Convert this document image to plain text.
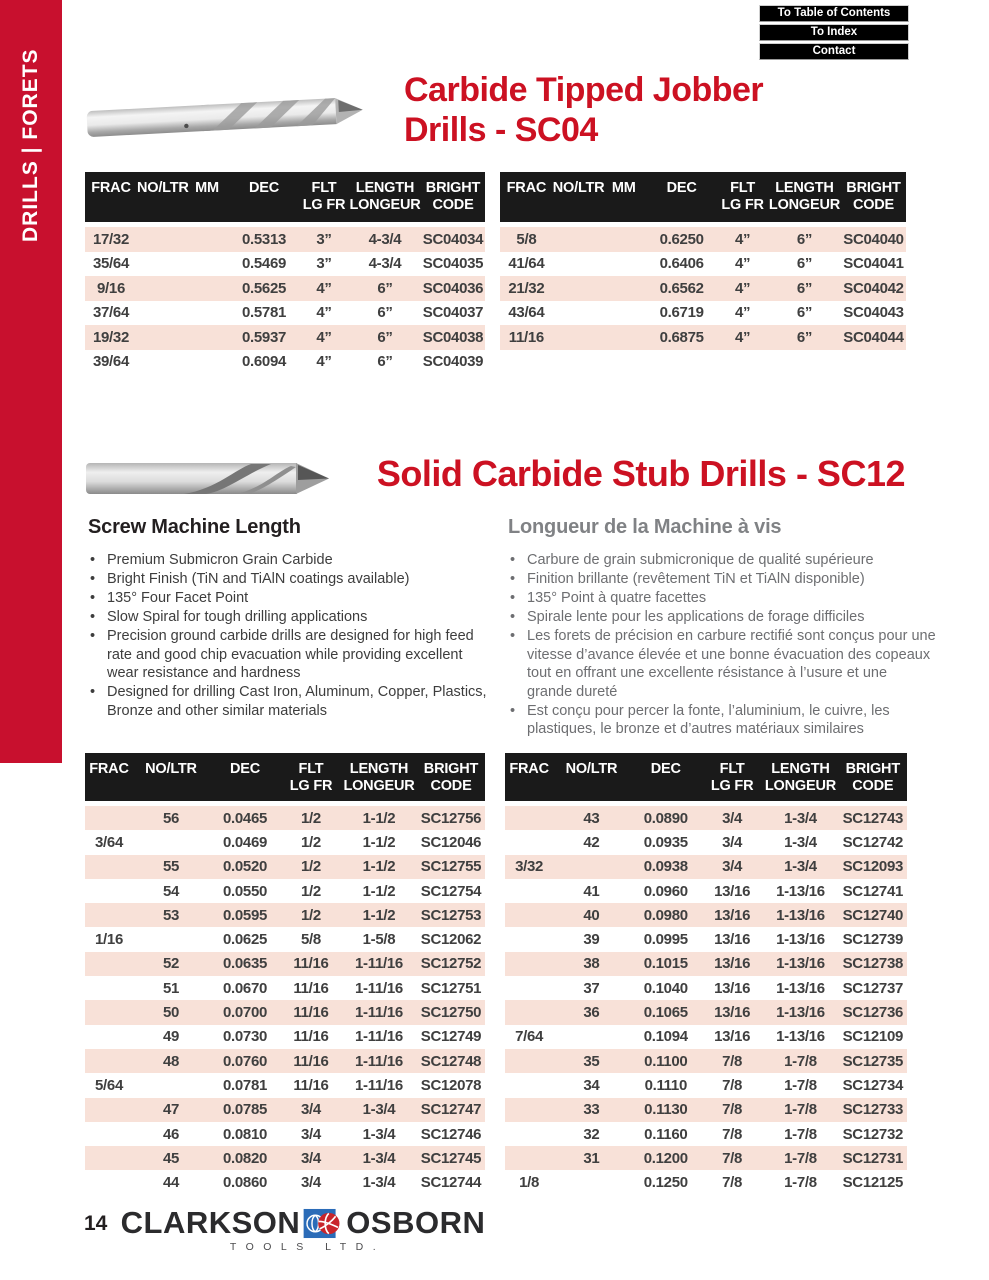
DRILLS | FORETS
To Table of Contents
To Index
Contact
Carbide Tipped Jobber
Drills - SC04
FRAC NO/LTR MM	DEC	FLT
LG FR
LENGTH
LONGEUR
BRIGHT
CODE
17/32	0.5313	3”	4-3/4	SC04034
35/64	0.5469	3”	4-3/4	SC04035
9/16	0.5625	4”	6”	SC04036
37/64	0.5781	4”	6”	SC04037
19/32	0.5937	4”	6”	SC04038
39/64	0.6094	4”	6”	SC04039
FRAC NO/LTR MM	DEC	FLT
LG FR
LENGTH
LONGEUR
BRIGHT
CODE
5/8	0.6250	4”	6”	SC04040
41/64	0.6406	4”	6”	SC04041
21/32	0.6562	4”	6”	SC04042
43/64	0.6719	4”	6”	SC04043
11/16	0.6875	4”	6”	SC04044
Solid Carbide Stub Drills - SC12
Screw Machine Length
• Premium Submicron Grain Carbide
• Bright Finish (TiN and TiAlN coatings available)
• 135° Four Facet Point
• Slow Spiral for tough drilling applications
• Precision ground carbide drills are designed for high feed rate and good chip evacuation while providing excellent wear resistance and hardness
• Designed for drilling Cast Iron, Aluminum, Copper, Plastics, Bronze and other similar materials
Longueur de la Machine à vis
• Carbure de grain submicronique de qualité supérieure
• Finition brillante (revêtement TiN et TiAlN disponible)
• 135° Point à quatre facettes
• Spirale lente pour les applications de forage difficiles
• Les forets de précision en carbure rectifié sont conçus pour une vitesse d’avance élevée et une bonne évacuation des copeaux tout en offrant une excellente résistance à l’usure et une grande dureté
• Est conçu pour percer la fonte, l’aluminium, le cuivre, les plastiques, le bronze et d’autres matériaux similaires
FRAC	NO/LTR	DEC	FLT
LG FR
LENGTH
LONGEUR
BRIGHT
CODE
56	0.0465	1/2	1-1/2	SC12756
3/64	0.0469	1/2	1-1/2	SC12046
55	0.0520	1/2	1-1/2	SC12755
54	0.0550	1/2	1-1/2	SC12754
53	0.0595	1/2	1-1/2	SC12753
1/16	0.0625	5/8	1-5/8	SC12062
52	0.0635	11/16	1-11/16	SC12752
51	0.0670	11/16	1-11/16	SC12751
50	0.0700	11/16	1-11/16	SC12750
49	0.0730	11/16	1-11/16	SC12749
48	0.0760	11/16	1-11/16	SC12748
5/64	0.0781	11/16	1-11/16	SC12078
47	0.0785	3/4	1-3/4	SC12747
46	0.0810	3/4	1-3/4	SC12746
45	0.0820	3/4	1-3/4	SC12745
44	0.0860	3/4	1-3/4	SC12744
FRAC	NO/LTR	DEC	FLT
LG FR
LENGTH
LONGEUR
BRIGHT
CODE
43	0.0890	3/4	1-3/4	SC12743
42	0.0935	3/4	1-3/4	SC12742
3/32	0.0938	3/4	1-3/4	SC12093
41	0.0960	13/16	1-13/16	SC12741
40	0.0980	13/16	1-13/16	SC12740
39	0.0995	13/16	1-13/16	SC12739
38	0.1015	13/16	1-13/16	SC12738
37	0.1040	13/16	1-13/16	SC12737
36	0.1065	13/16	1-13/16	SC12736
7/64	0.1094	13/16	1-13/16	SC12109
35	0.1100	7/8	1-7/8	SC12735
34	0.1110	7/8	1-7/8	SC12734
33	0.1130	7/8	1-7/8	SC12733
32	0.1160	7/8	1-7/8	SC12732
31	0.1200	7/8	1-7/8	SC12731
1/8	0.1250	7/8	1-7/8	SC12125
14 CLARKSON OSBORN
TOOLS LTD.
